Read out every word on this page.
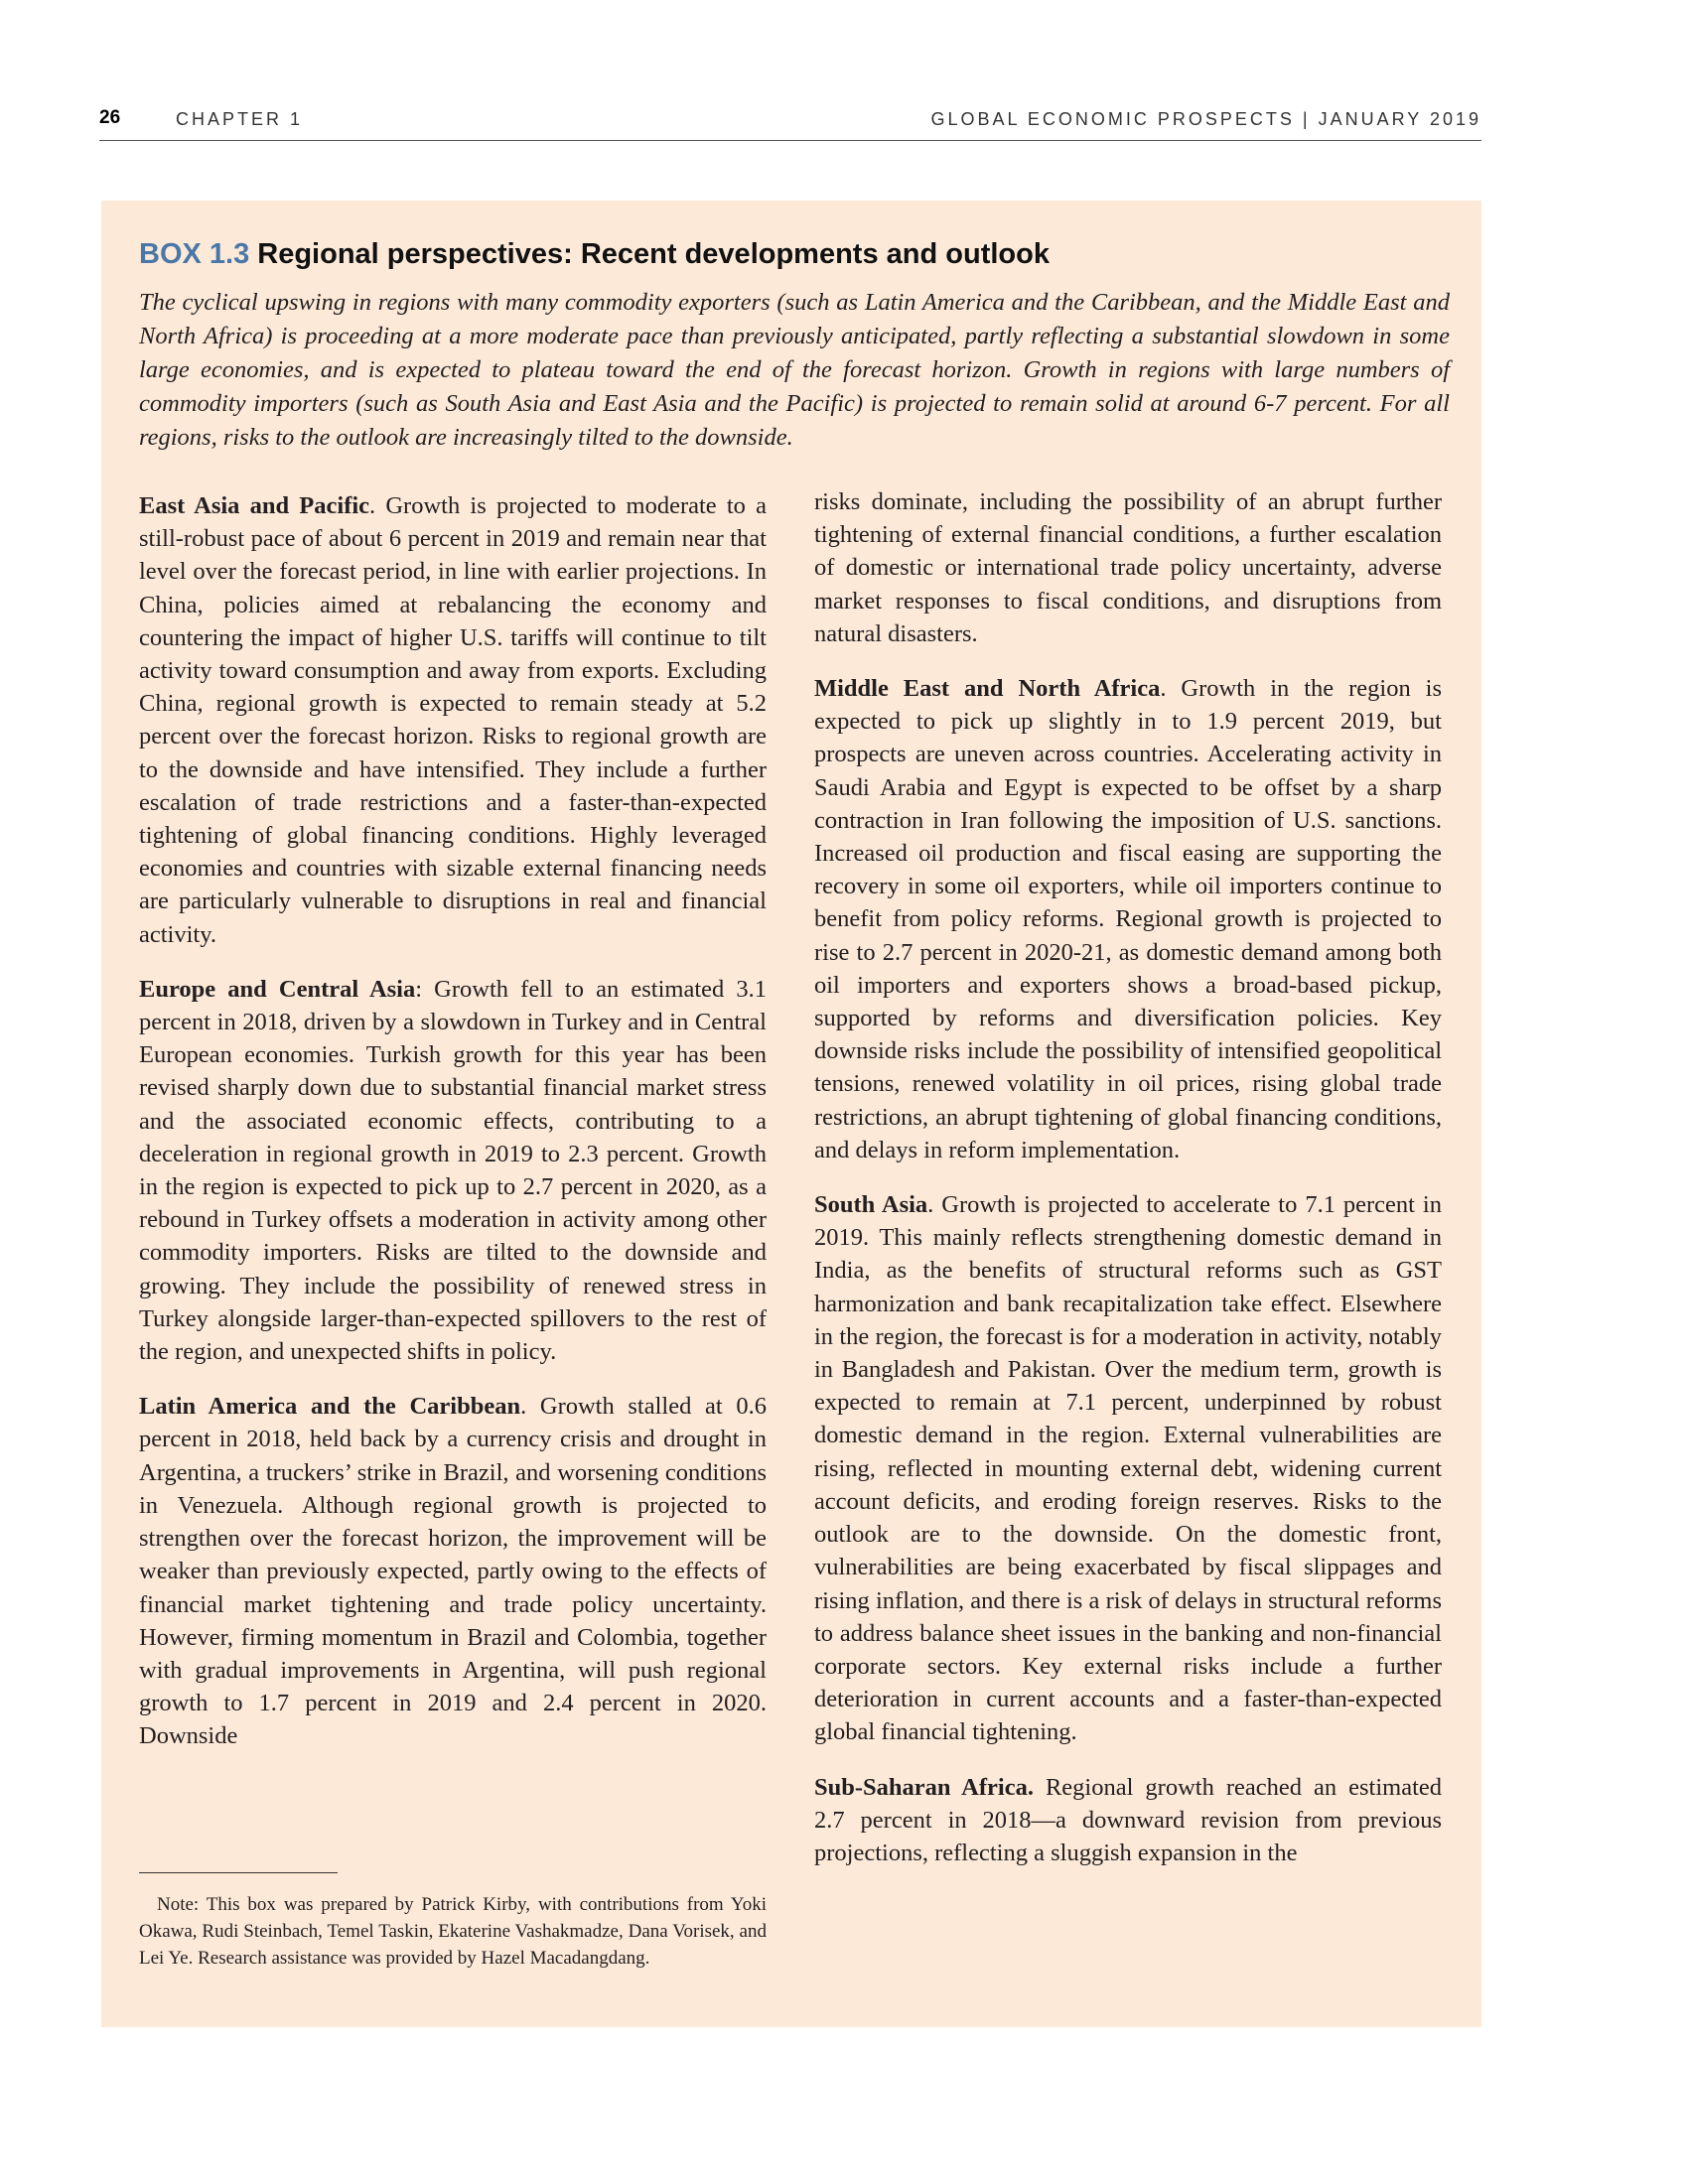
26	CHAPTER 1	GLOBAL ECONOMIC PROSPECTS | JANUARY 2019
BOX 1.3 Regional perspectives: Recent developments and outlook

The cyclical upswing in regions with many commodity exporters (such as Latin America and the Caribbean, and the Middle East and North Africa) is proceeding at a more moderate pace than previously anticipated, partly reflecting a substantial slowdown in some large economies, and is expected to plateau toward the end of the forecast horizon. Growth in regions with large numbers of commodity importers (such as South Asia and East Asia and the Pacific) is projected to remain solid at around 6-7 percent. For all regions, risks to the outlook are increasingly tilted to the downside.

East Asia and Pacific. Growth is projected to moderate to a still-robust pace of about 6 percent in 2019 and remain near that level over the forecast period, in line with earlier projections. In China, policies aimed at rebalancing the economy and countering the impact of higher U.S. tariffs will continue to tilt activity toward consumption and away from exports. Excluding China, regional growth is expected to remain steady at 5.2 percent over the forecast horizon. Risks to regional growth are to the downside and have intensified. They include a further escalation of trade restrictions and a faster-than-expected tightening of global financing conditions. Highly leveraged economies and countries with sizable external financing needs are particularly vulnerable to disruptions in real and financial activity.

Europe and Central Asia: Growth fell to an estimated 3.1 percent in 2018, driven by a slowdown in Turkey and in Central European economies. Turkish growth for this year has been revised sharply down due to substantial financial market stress and the associated economic effects, contributing to a deceleration in regional growth in 2019 to 2.3 percent. Growth in the region is expected to pick up to 2.7 percent in 2020, as a rebound in Turkey offsets a moderation in activity among other commodity importers. Risks are tilted to the downside and growing. They include the possibility of renewed stress in Turkey alongside larger-than-expected spillovers to the rest of the region, and unexpected shifts in policy.

Latin America and the Caribbean. Growth stalled at 0.6 percent in 2018, held back by a currency crisis and drought in Argentina, a truckers’ strike in Brazil, and worsening conditions in Venezuela. Although regional growth is projected to strengthen over the forecast horizon, the improvement will be weaker than previously expected, partly owing to the effects of financial market tightening and trade policy uncertainty. However, firming momentum in Brazil and Colombia, together with gradual improvements in Argentina, will push regional growth to 1.7 percent in 2019 and 2.4 percent in 2020. Downside

risks dominate, including the possibility of an abrupt further tightening of external financial conditions, a further escalation of domestic or international trade policy uncertainty, adverse market responses to fiscal conditions, and disruptions from natural disasters.

Middle East and North Africa. Growth in the region is expected to pick up slightly in to 1.9 percent 2019, but prospects are uneven across countries. Accelerating activity in Saudi Arabia and Egypt is expected to be offset by a sharp contraction in Iran following the imposition of U.S. sanctions. Increased oil production and fiscal easing are supporting the recovery in some oil exporters, while oil importers continue to benefit from policy reforms. Regional growth is projected to rise to 2.7 percent in 2020-21, as domestic demand among both oil importers and exporters shows a broad-based pickup, supported by reforms and diversification policies. Key downside risks include the possibility of intensified geopolitical tensions, renewed volatility in oil prices, rising global trade restrictions, an abrupt tightening of global financing conditions, and delays in reform implementation.

South Asia. Growth is projected to accelerate to 7.1 percent in 2019. This mainly reflects strengthening domestic demand in India, as the benefits of structural reforms such as GST harmonization and bank recapitalization take effect. Elsewhere in the region, the forecast is for a moderation in activity, notably in Bangladesh and Pakistan. Over the medium term, growth is expected to remain at 7.1 percent, underpinned by robust domestic demand in the region. External vulnerabilities are rising, reflected in mounting external debt, widening current account deficits, and eroding foreign reserves. Risks to the outlook are to the downside. On the domestic front, vulnerabilities are being exacerbated by fiscal slippages and rising inflation, and there is a risk of delays in structural reforms to address balance sheet issues in the banking and non-financial corporate sectors. Key external risks include a further deterioration in current accounts and a faster-than-expected global financial tightening.

Sub-Saharan Africa. Regional growth reached an estimated 2.7 percent in 2018—a downward revision from previous projections, reflecting a sluggish expansion in the

Note: This box was prepared by Patrick Kirby, with contributions from Yoki Okawa, Rudi Steinbach, Temel Taskin, Ekaterine Vashakmadze, Dana Vorisek, and Lei Ye. Research assistance was provided by Hazel Macadangdang.
